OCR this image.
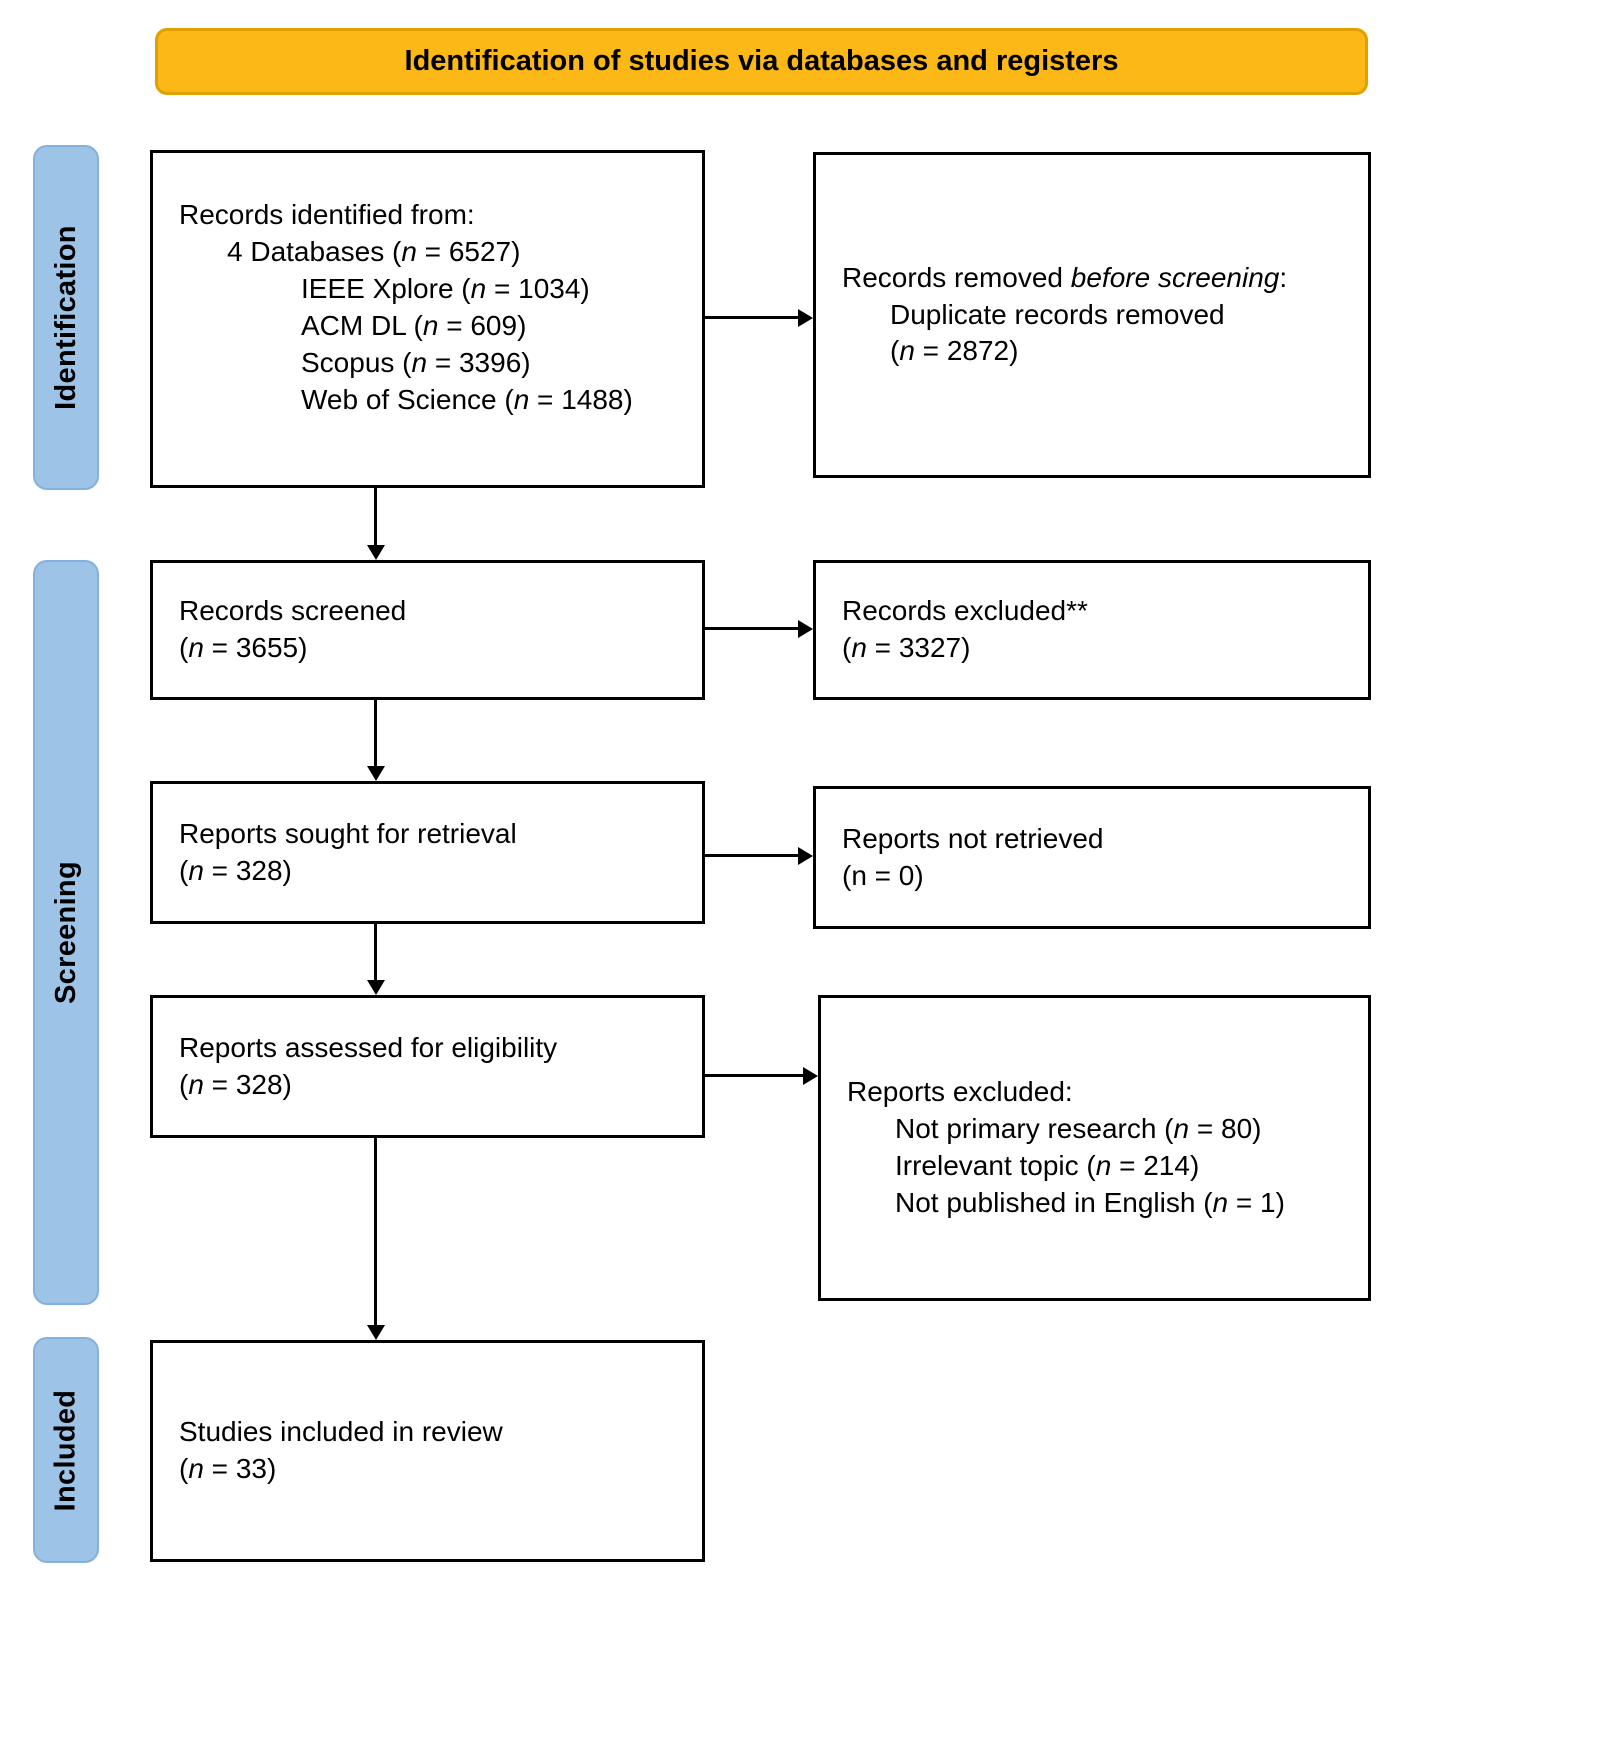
Identification of studies via databases and registers
Identification
Screening
Included
Records identified from:
4 Databases (n = 6527)
IEEE Xplore (n = 1034)
ACM DL (n = 609)
Scopus (n = 3396)
Web of Science (n = 1488)
Records screened
(n = 3655)
Reports sought for retrieval
(n = 328)
Reports assessed for eligibility
(n = 328)
Studies included in review
(n = 33)
Records removed before screening:
Duplicate records removed
(n = 2872)
Records excluded**
(n = 3327)
Reports not retrieved
(n = 0)
Reports excluded:
Not primary research (n = 80)
Irrelevant topic (n = 214)
Not published in English (n = 1)
